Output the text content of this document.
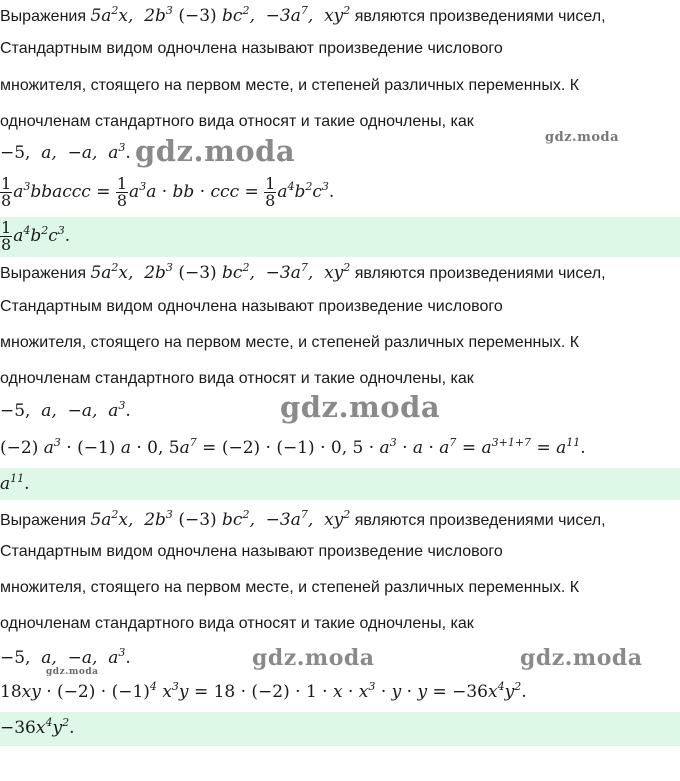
Выражения $5a^2x$,  $2b^3$ (−3) $bc^2$,  $-3a^7$,  $xy^2$ являются произведениями чисел,
Стандартным видом одночлена называют произведение числового
множителя, стоящего на первом месте, и степеней различных переменных. К
одночленам стандартного вида относят и такие одночлены, как
−5,  a,  −a,  $a^3$.
$\frac{1}{8}$ $a^3bbaccc = \frac{1}{8} a^3a$ · bb · ccc = $\frac{1}{8} a^4b^2c^3$.
$\frac{1}{8} a^4b^2c^3$.
Выражения $5a^2x$,  $2b^3$ (−3) $bc^2$,  $-3a^7$,  $xy^2$ являются произведениями чисел,
Стандартным видом одночлена называют произведение числового
множителя, стоящего на первом месте, и степеней различных переменных. К
одночленам стандартного вида относят и такие одночлены, как
−5,  a,  −a,  $a^3$.
(−2) $a^3 \cdot (-1) a \cdot 0$, $5a^7 = (-2) \cdot (-1) \cdot 0$, $5 \cdot a^3 \cdot a \cdot a^7 = a^{3+1+7} = a^{11}$.
$a^{11}$.
Выражения $5a^2x$,  $2b^3$ (−3) $bc^2$,  $-3a^7$,  $xy^2$ являются произведениями чисел,
Стандартным видом одночлена называют произведение числового
множителя, стоящего на первом месте, и степеней различных переменных. К
одночленам стандартного вида относят и такие одночлены, как
−5,  a,  −a,  $a^3$.
$18xy \cdot (-2) \cdot (-1)^4$ $x^3y = 18 \cdot (-2) \cdot 1 \cdot x \cdot x^3 \cdot y \cdot y = -36x^4y^2$.
$-36x^4y^2$.
gdz.moda	gdz.moda
gdz.moda
gdz.moda	gdz.moda
gdz.moda
